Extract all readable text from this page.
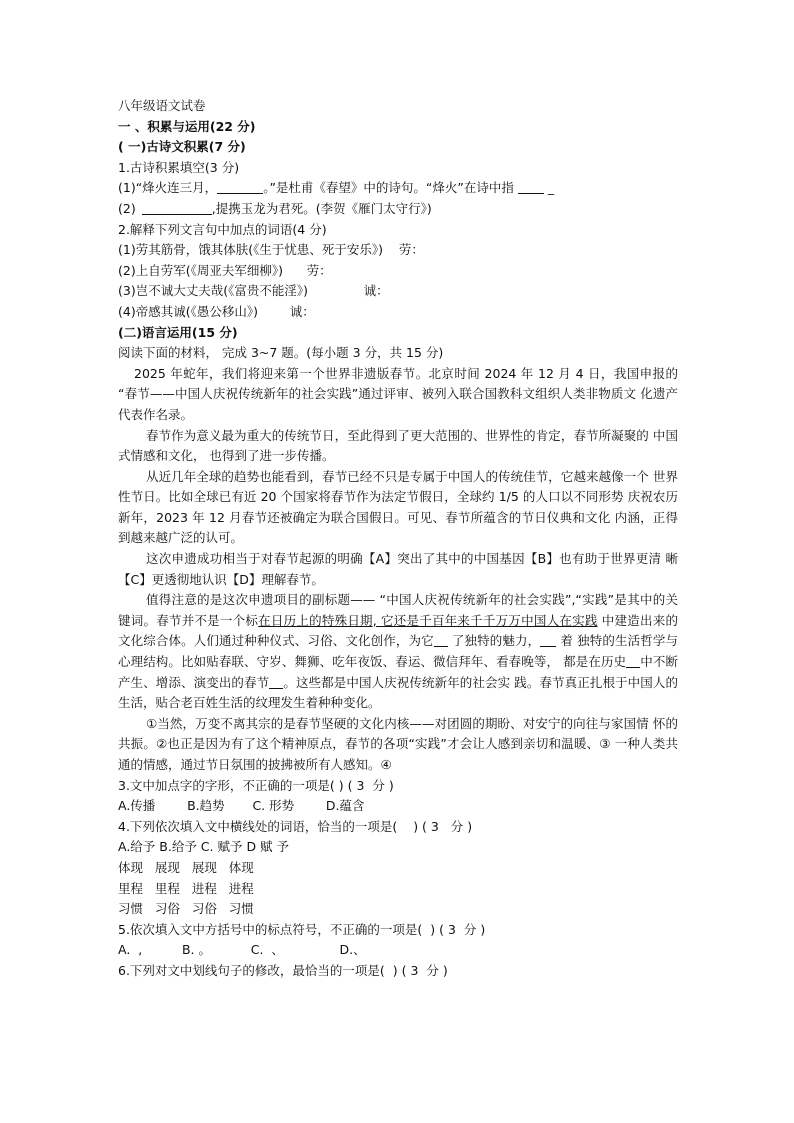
八年级语文试卷
一 、积累与运用(22 分)
( 一)古诗文积累(7 分)
1.古诗积累填空(3 分)
(1)“烽火连三月，	。”是杜甫《春望》中的诗句。“烽火”在诗中指	_
(2)	,提携玉龙为君死。(李贺《雁门太守行》)
2.解释下列文言句中加点的词语(4 分)
(1)劳其筋骨，饿其体肤(《生于忧患、死于安乐》)    劳：
(2)上自劳军(《周亚夫军细柳》)      劳：
(3)岂不诚大丈夫哉(《富贵不能淫》)              诚：
(4)帝感其诚(《愚公移山》)        诚：
(二)语言运用(15 分)
阅读下面的材料， 完成 3~7 题。(每小题 3 分，共 15 分)
2025 年蛇年，我们将迎来第一个世界非遗版春节。北京时间 2024 年 12 月 4 日，我国申报的 “春节——中国人庆祝传统新年的社会实践”通过评审、被列入联合国教科文组织人类非物质文 化遗产代表作名录。
春节作为意义最为重大的传统节日，至此得到了更大范围的、世界性的肯定，春节所凝聚的 中国式情感和文化， 也得到了进一步传播。
从近几年全球的趋势也能看到，春节已经不只是专属于中国人的传统佳节，它越来越像一个 世界性节日。比如全球已有近 20 个国家将春节作为法定节假日，全球约 1/5 的人口以不同形势 庆祝农历新年，2023 年 12 月春节还被确定为联合国假日。可见、春节所蕴含的节日仪典和文化 内涵，正得到越来越广泛的认可。
这次申遗成功相当于对春节起源的明确【A】突出了其中的中国基因【B】也有助于世界更清 晰【C】更透彻地认识【D】理解春节。
值得注意的是这次申遗项目的副标题—— “中国人庆祝传统新年的社会实践”,“实践”是其中的关键词。春节并不是一个标在日历上的特殊日期, 它还是千百年来千千万万中国人在实践 中建造出来的文化综合体。人们通过种种仪式、习俗、文化创作，为它 了独特的魅力， 着 独特的生活哲学与心理结构。比如贴春联、守岁、舞狮、吃年夜饭、春运、微信拜年、看春晚等， 都是在历史 中不断产生、增添、演变出的春节 。这些都是中国人庆祝传统新年的社会实 践。春节真正扎根于中国人的生活，贴合老百姓生活的纹理发生着种种变化。
①当然，万变不离其宗的是春节坚硬的文化内核——对团圆的期盼、对安宁的向往与家国情 怀的共振。②也正是因为有了这个精神原点，春节的各项“实践”才会让人感到亲切和温暖、③ 一种人类共通的情感，通过节日氛围的披拂被所有人感知。④
3.文中加点字的字形，不正确的一项是( ) ( 3  分 )
A.传播        B.趋势       C. 形势        D.蕴含
4.下列依次填入文中横线处的词语，恰当的一项是(    ) ( 3   分 )
A.给予 B.给予 C. 赋予 D 赋 予
体现   展现   展现   体现
里程   里程   进程   进程
习惯   习俗   习俗   习惯
5.依次填入文中方括号中的标点符号，不正确的一项是(  ) ( 3  分 )
A.  ,          B. 。          C.  、              D.、
6.下列对文中划线句子的修改，最恰当的一项是(  ) ( 3  分 )
